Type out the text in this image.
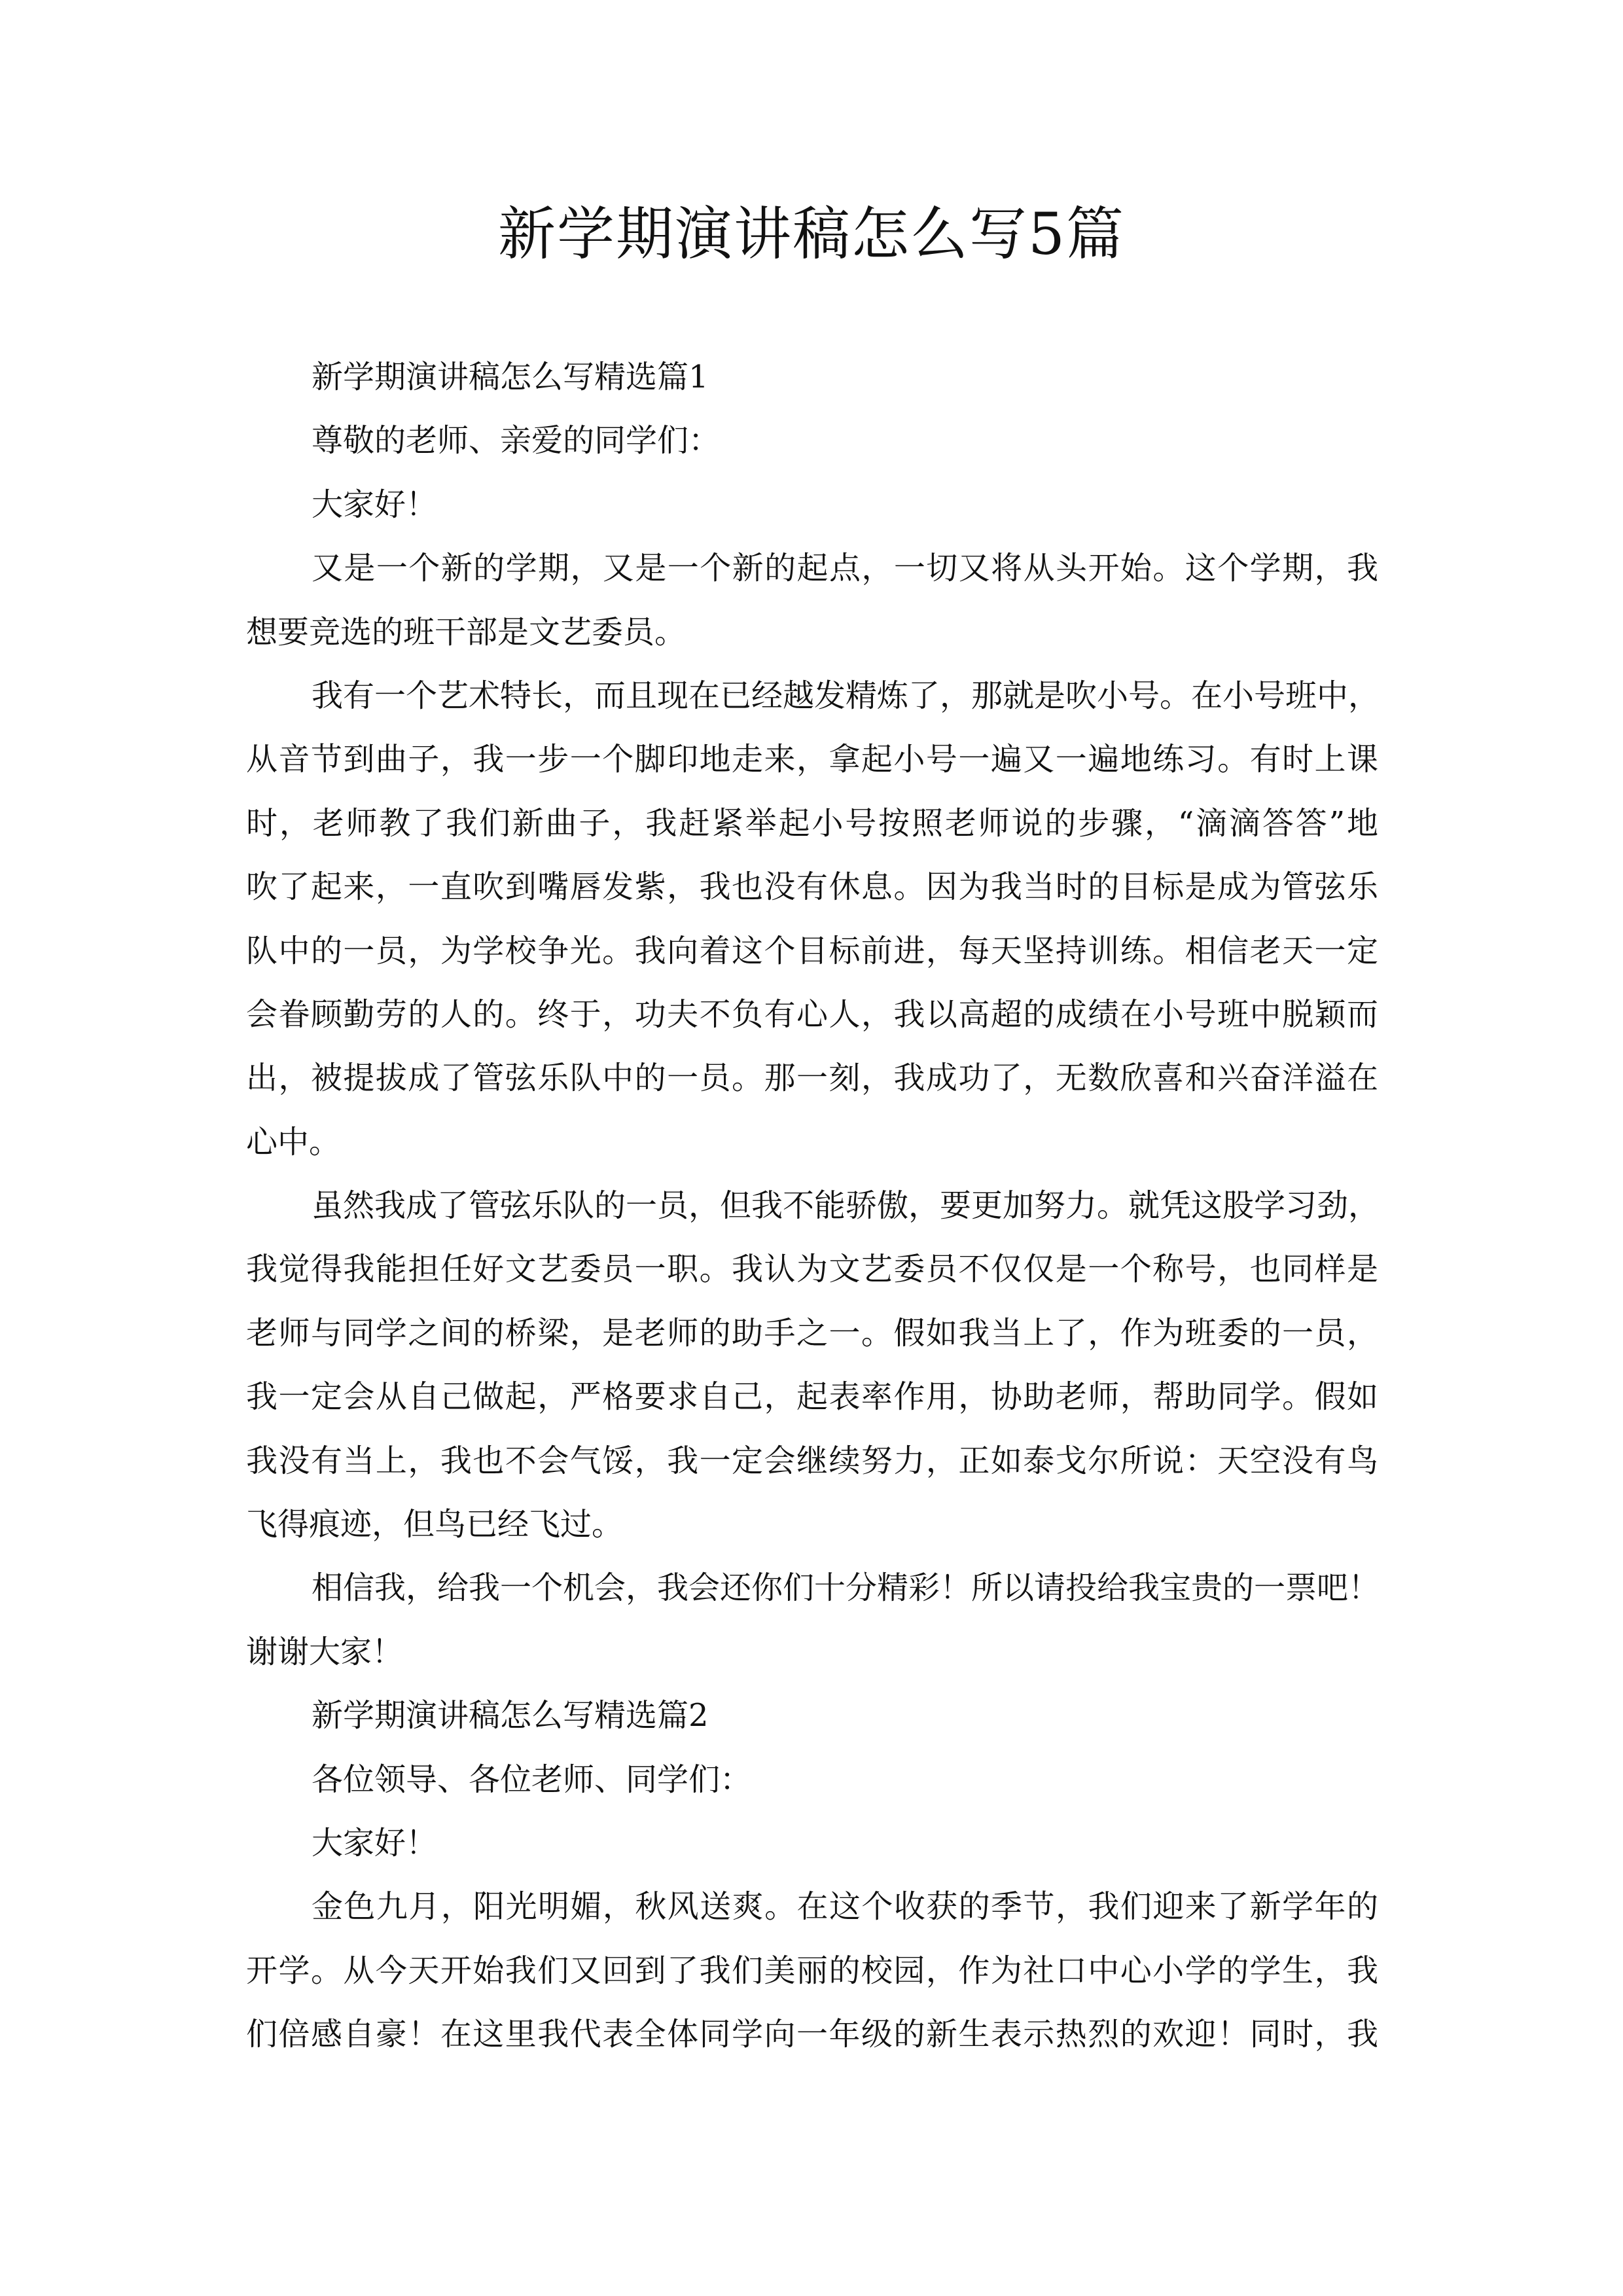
新学期演讲稿怎么写5篇
新学期演讲稿怎么写精选篇1
尊敬的老师、亲爱的同学们：
大家好！
又是一个新的学期，又是一个新的起点，一切又将从头开始。这个学期，我
想要竞选的班干部是文艺委员。
我有一个艺术特长，而且现在已经越发精炼了，那就是吹小号。在小号班中，
从音节到曲子，我一步一个脚印地走来，拿起小号一遍又一遍地练习。有时上课
时，老师教了我们新曲子，我赶紧举起小号按照老师说的步骤，“滴滴答答”地
吹了起来，一直吹到嘴唇发紫，我也没有休息。因为我当时的目标是成为管弦乐
队中的一员，为学校争光。我向着这个目标前进，每天坚持训练。相信老天一定
会眷顾勤劳的人的。终于，功夫不负有心人，我以高超的成绩在小号班中脱颖而
出，被提拔成了管弦乐队中的一员。那一刻，我成功了，无数欣喜和兴奋洋溢在
心中。
虽然我成了管弦乐队的一员，但我不能骄傲，要更加努力。就凭这股学习劲，
我觉得我能担任好文艺委员一职。我认为文艺委员不仅仅是一个称号，也同样是
老师与同学之间的桥梁，是老师的助手之一。假如我当上了，作为班委的一员，
我一定会从自己做起，严格要求自己，起表率作用，协助老师，帮助同学。假如
我没有当上，我也不会气馁，我一定会继续努力，正如泰戈尔所说：天空没有鸟
飞得痕迹，但鸟已经飞过。
相信我，给我一个机会，我会还你们十分精彩！所以请投给我宝贵的一票吧！
谢谢大家！
新学期演讲稿怎么写精选篇2
各位领导、各位老师、同学们：
大家好！
金色九月，阳光明媚，秋风送爽。在这个收获的季节，我们迎来了新学年的
开学。从今天开始我们又回到了我们美丽的校园，作为社口中心小学的学生，我
们倍感自豪！在这里我代表全体同学向一年级的新生表示热烈的欢迎！同时，我
